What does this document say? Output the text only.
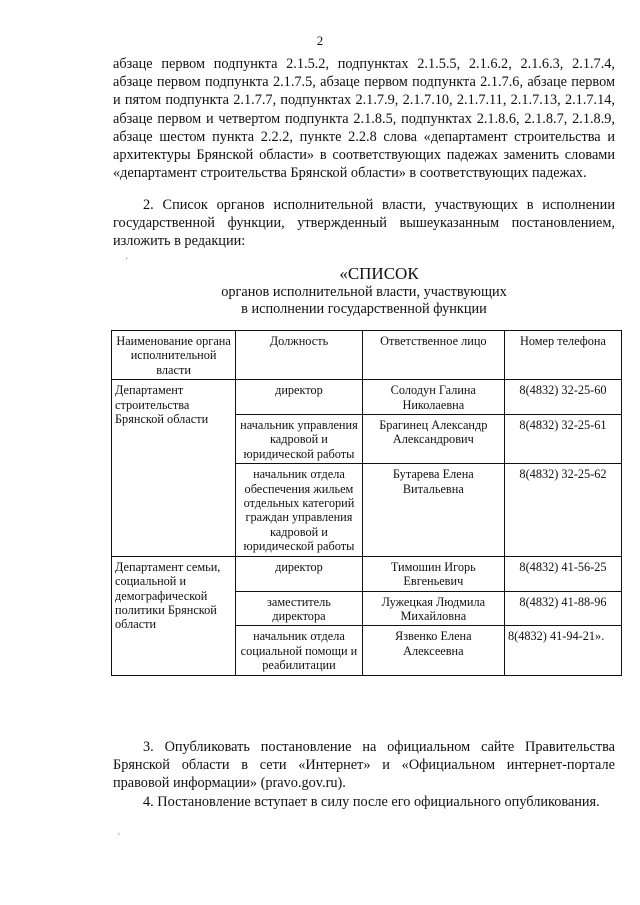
2

абзаце первом подпункта 2.1.5.2, подпунктах 2.1.5.5, 2.1.6.2, 2.1.6.3, 2.1.7.4, абзаце первом подпункта 2.1.7.5, абзаце первом подпункта 2.1.7.6, абзаце первом и пятом подпункта 2.1.7.7, подпунктах 2.1.7.9, 2.1.7.10, 2.1.7.11, 2.1.7.13, 2.1.7.14, абзаце первом и четвертом подпункта 2.1.8.5, подпунктах 2.1.8.6, 2.1.8.7, 2.1.8.9, абзаце шестом пункта 2.2.2, пункте 2.2.8 слова «департамент строительства и архитектуры Брянской области» в соответствующих падежах заменить словами «департамент строительства Брянской области» в соответствующих падежах.

2. Список органов исполнительной власти, участвующих в исполнении государственной функции, утвержденный вышеуказанным постановлением, изложить в редакции:

«СПИСОК
органов исполнительной власти, участвующих
в исполнении государственной функции
Наименование органа исполнительной власти	Должность	Ответственное лицо	Номер телефона
Департамент строительства Брянской области	директор	Солодун Галина Николаевна	8(4832) 32-25-60
	начальник управления кадровой и юридической работы	Брагинец Александр Александрович	8(4832) 32-25-61
	начальник отдела обеспечения жильем отдельных категорий граждан управления кадровой и юридической работы	Бутарева Елена Витальевна	8(4832) 32-25-62
Департамент семьи, социальной и демографической политики Брянской области	директор	Тимошин Игорь Евгеньевич	8(4832) 41-56-25
	заместитель директора	Лужецкая Людмила Михайловна	8(4832) 41-88-96
	начальник отдела социальной помощи и реабилитации	Язвенко Елена Алексеевна	8(4832) 41-94-21».

3. Опубликовать постановление на официальном сайте Правительства Брянской области в сети «Интернет» и «Официальном интернет-портале правовой информации» (pravo.gov.ru).

4. Постановление вступает в силу после его официального опубликования.

·
'
